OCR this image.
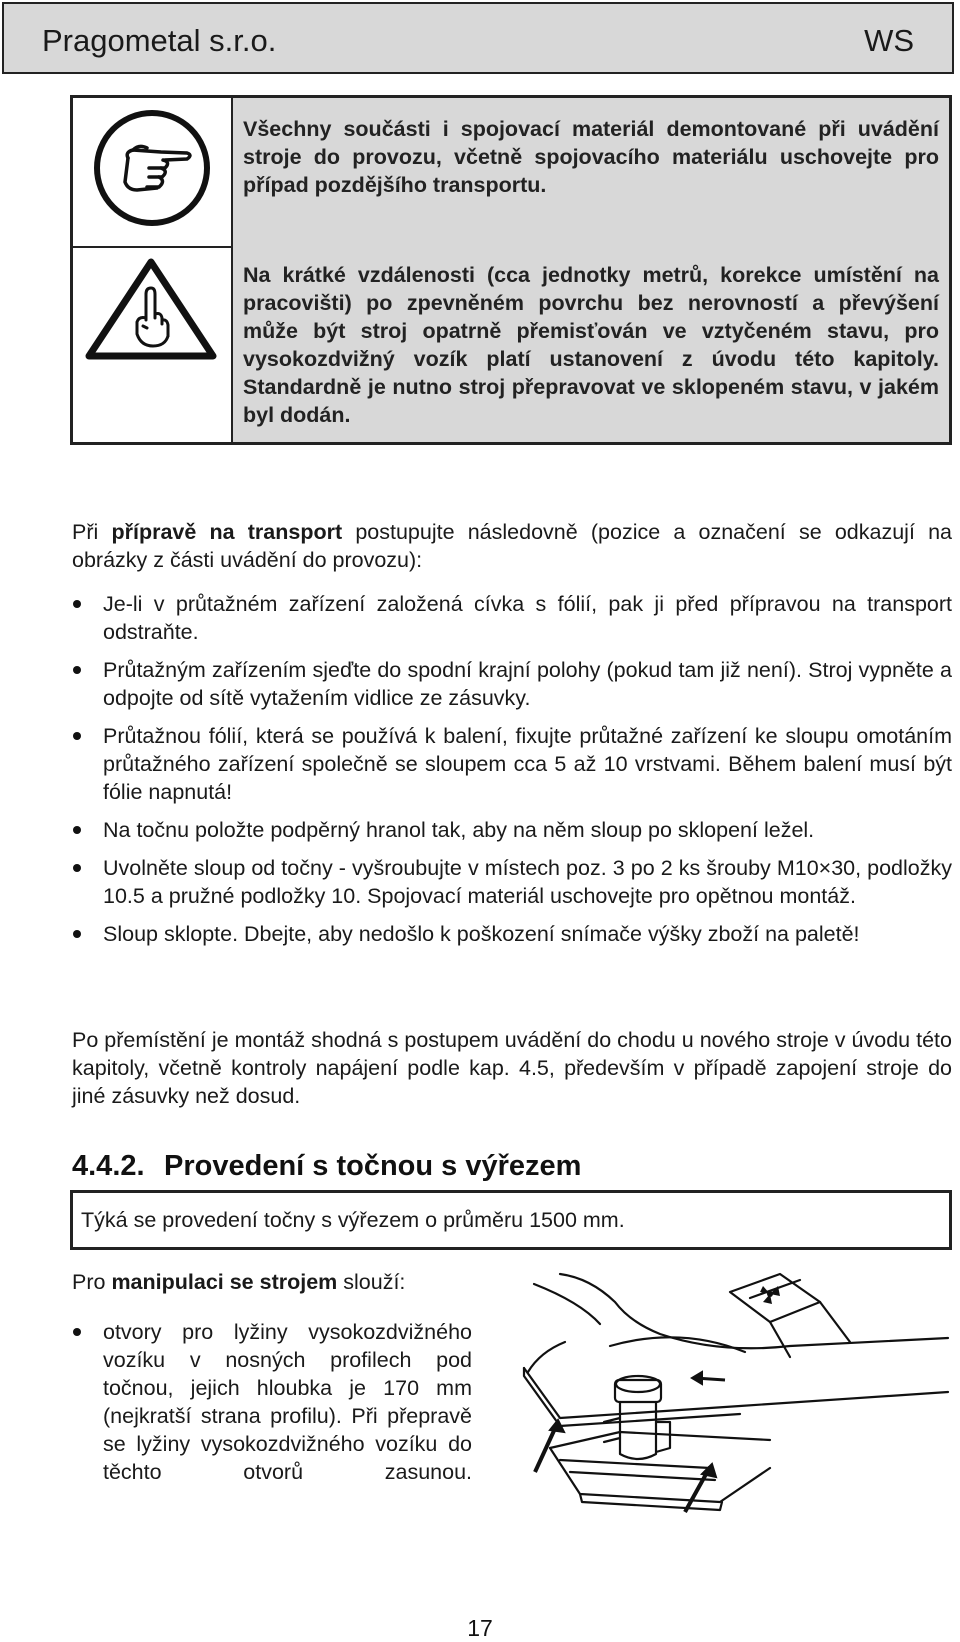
Pragometal s.r.o.	WS
Všechny součásti i spojovací materiál demontované při uvádění stroje do provozu, včetně spojovacího materiálu uschovejte pro případ pozdějšího transportu.
Na krátké vzdálenosti (cca jednotky metrů, korekce umístění na pracovišti) po zpevněném povrchu bez nerovností a převýšení může být stroj opatrně přemisťován ve vztyčeném stavu, pro vysokozdvižný vozík platí ustanovení z úvodu této kapitoly. Standardně je nutno stroj přepravovat ve sklopeném stavu, v jakém byl dodán.
Při přípravě na transport postupujte následovně (pozice a označení se odkazují na obrázky z části uvádění do provozu):
Je-li v průtažném zařízení založená cívka s fólií, pak ji před přípravou na transport odstraňte.
Průtažným zařízením sjeďte do spodní krajní polohy (pokud tam již není). Stroj vypněte a odpojte od sítě vytažením vidlice ze zásuvky.
Průtažnou fólií, která se používá k balení, fixujte průtažné zařízení ke sloupu omotáním průtažného zařízení společně se sloupem cca 5 až 10 vrstvami. Během balení musí být fólie napnutá!
Na točnu položte podpěrný hranol tak, aby na něm sloup po sklopení ležel.
Uvolněte sloup od točny - vyšroubujte v místech poz. 3 po 2 ks šrouby M10×30, podložky 10.5 a pružné podložky 10. Spojovací materiál uschovejte pro opětnou montáž.
Sloup sklopte. Dbejte, aby nedošlo k poškození snímače výšky zboží na paletě!
Po přemístění je montáž shodná s postupem uvádění do chodu u nového stroje v úvodu této kapitoly, včetně kontroly napájení podle kap. 4.5, především v případě zapojení stroje do jiné zásuvky než dosud.
4.4.2. Provedení s točnou s výřezem
Týká se provedení točny s výřezem o průměru 1500 mm.
Pro manipulaci se strojem slouží:
otvory pro lyžiny vysokozdvižného vozíku v nosných profilech pod točnou, jejich hloubka je 170 mm (nejkratší strana profilu). Při přepravě se lyžiny vysokozdvižného vozíku do těchto otvorů zasunou.
17
